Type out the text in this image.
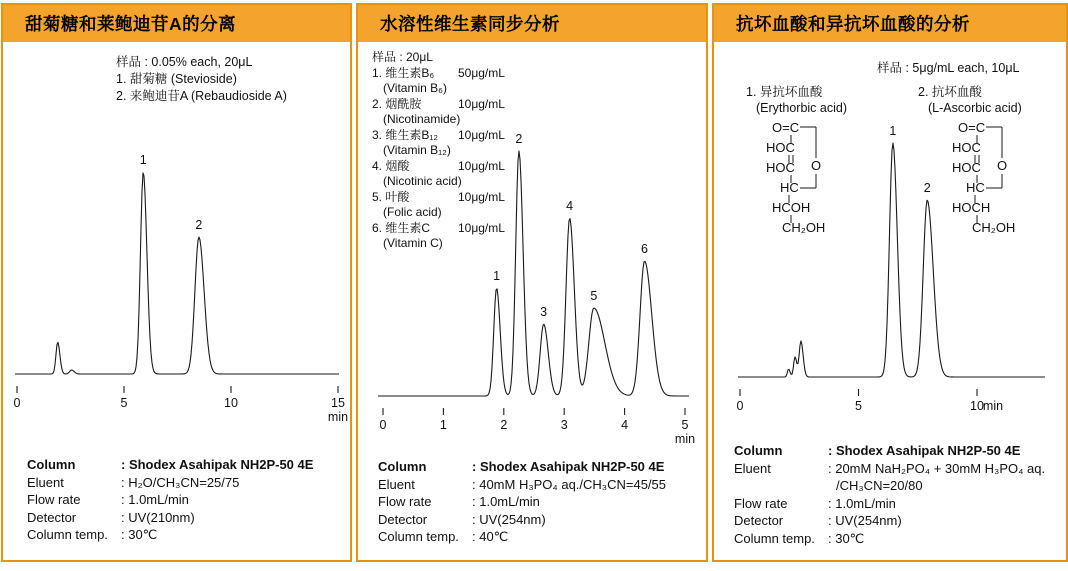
甜菊糖和莱鲍迪苷A的分离
样品 : 0.05% each, 20μL
1. 甜菊糖 (Stevioside)
2. 来鲍迪苷A (Rebaudioside A)
0	5	10	15
min
1
2
Column	: Shodex Asahipak NH2P-50 4E
Eluent	: H₂O/CH₃CN=25/75
Flow rate	: 1.0mL/min
Detector	: UV(210nm)
Column temp.	: 30℃
水溶性维生素同步分析
样品 : 20μL
1. 维生素B₆	50μg/mL
(Vitamin B₆)
2. 烟酰胺	10μg/mL
(Nicotinamide)
3. 维生素B₁₂	10μg/mL
(Vitamin B₁₂)
4. 烟酸	10μg/mL
(Nicotinic acid)
5. 叶酸	10μg/mL
(Folic acid)
6. 维生素C	10μg/mL
(Vitamin C)
0	1	2	3	4	5
min
1
2
3
4
5
6
Column	: Shodex Asahipak NH2P-50 4E
Eluent	: 40mM H₃PO₄ aq./CH₃CN=45/55
Flow rate	: 1.0mL/min
Detector	: UV(254nm)
Column temp.	: 40℃
抗坏血酸和异抗坏血酸的分析
样品 : 5μg/mL each, 10μL
1. 异抗坏血酸
(Erythorbic acid)
2. 抗坏血酸
(L-Ascorbic acid)
O=C
HOC
HOC
HC
HCOH
CH₂OH
O
O=C
HOC
HOC
HC
HOCH
CH₂OH
O
0	5	10
min
1
2
Column	: Shodex Asahipak NH2P-50 4E
Eluent	: 20mM NaH₂PO₄ + 30mM H₃PO₄ aq.
/CH₃CN=20/80
Flow rate	: 1.0mL/min
Detector	: UV(254nm)
Column temp.	: 30℃
